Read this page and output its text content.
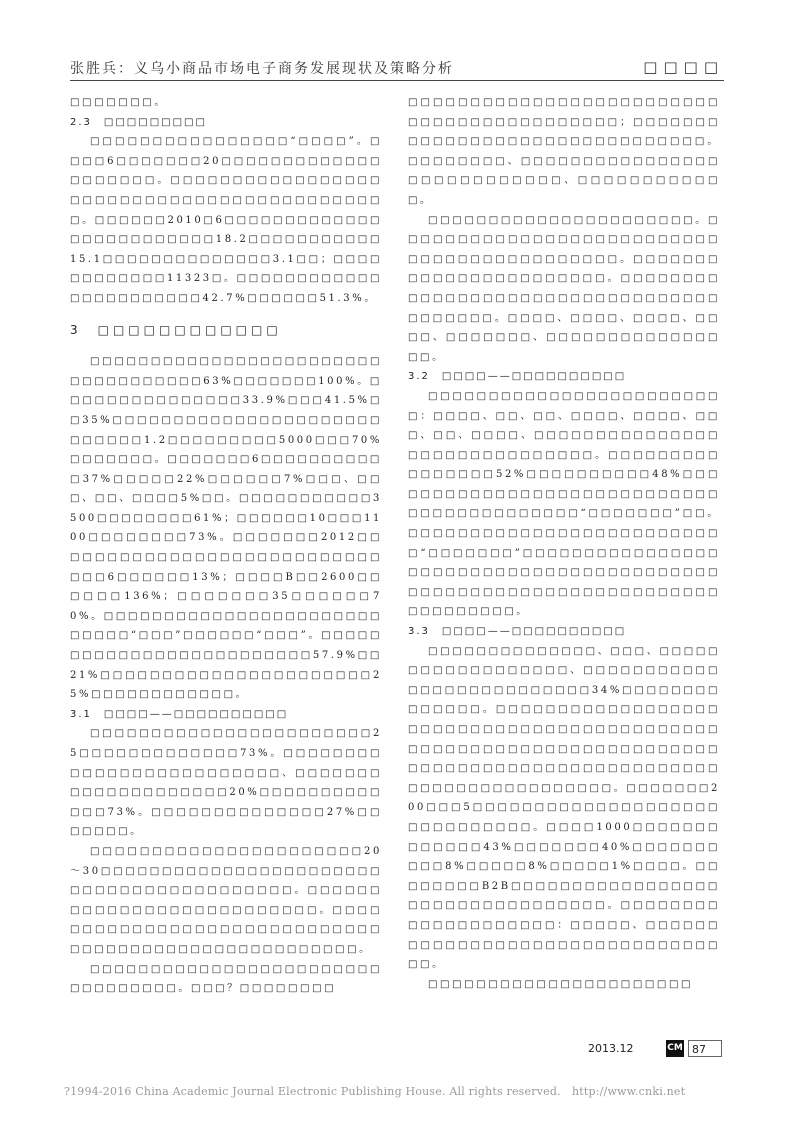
张胜兵：义乌小商品市场电子商务发展现状及策略分析	□□□□

□□□□□□□。

2.3　□□□□□□□□□

□□□□□□□□□□□□□□□□“□□□□”。□□□□6□□□□□□□20□□□□□□□□□□□□□□□□□□□□。□□□□□□□□□□□□□□□□□□□□□□□□□□□□□□□□□□□□□□□□□□□。□□□□□□2010□6□□□□□□□□□□□□□□□□□□□□□□□□□18.2□□□□□□□□□□□15.1□□□□□□□□□□□□□□3.1□□；□□□□□□□□□□□□11323□。□□□□□□□□□□□□□□□□□□□□□□□42.7%□□□□□□51.3%。

3　□□□□□□□□□□□□

□□□□□□□□□□□□□□□□□□□□□□□□□□□□□□□□□□□63%□□□□□□□100%。□□□□□□□□□□□□□□□33.9%□□□41.5%□□35%□□□□□□□□□□□□□□□□□□□□□□□□□□□□1.2□□□□□□□□□5000□□□70%□□□□□□□。□□□□□□□6□□□□□□□□□□□37%□□□□□22%□□□□□□7%□□□、□□□、□□、□□□□5%□□。□□□□□□□□□□□3500□□□□□□□□61%；□□□□□□10□□□1100□□□□□□□□73%。□□□□□□□2012□□□□□□□□□□□□□□□□□□□□□□□□□□□□□□6□□□□□□13%；□□□□B□□2600□□□□□□136%；□□□□□□□35□□□□□□70%。□□□□□□□□□□□□□□□□□□□□□□□□□□□□“□□□”□□□□□□“□□□”。□□□□□□□□□□□□□□□□□□□□□□□□□57.9%□□21%□□□□□□□□□□□□□□□□□□□□□□25%□□□□□□□□□□□□。

3.1　□□□□——□□□□□□□□□□

□□□□□□□□□□□□□□□□□□□□□□□25□□□□□□□□□□□□□73%。□□□□□□□□□□□□□□□□□□□□□□□□□、□□□□□□□□□□□□□□□□□□□□20%□□□□□□□□□□□□□73%。□□□□□□□□□□□□□□27%□□□□□□□。

□□□□□□□□□□□□□□□□□□□□□□20～30□□□□□□□□□□□□□□□□□□□□□□□□□□□□□□□□□□□□□□□□□。□□□□□□□□□□□□□□□□□□□□□□□□□□。□□□□□□□□□□□□□□□□□□□□□□□□□□□□□□□□□□□□□□□□□□□□□□□□□□□□□。

□□□□□□□□□□□□□□□□□□□□□□□□□□□□□□□□□。□□□？□□□□□□□□

□□□□□□□□□□□□□□□□□□□□□□□□□□□□□□□□□□□□□□□□□□；□□□□□□□□□□□□□□□□□□□□□□□□□□□□□□□。□□□□□□□□、□□□□□□□□□□□□□□□□□□□□□□□□□□□□、□□□□□□□□□□□□。

□□□□□□□□□□□□□□□□□□□□□□。□□□□□□□□□□□□□□□□□□□□□□□□□□□□□□□□□□□□□□□□□□□。□□□□□□□□□□□□□□□□□□□□□□□。□□□□□□□□□□□□□□□□□□□□□□□□□□□□□□□□□□□□□□□□。□□□□、□□□□、□□□□、□□□□、□□□□□□□、□□□□□□□□□□□□□□□□。

3.2　□□□□——□□□□□□□□□□

□□□□□□□□□□□□□□□□□□□□□□□□□：□□□□、□□、□□、□□□□、□□□□、□□□、□□、□□□□、□□□□□□□□□□□□□□□□□□□□□□□□□□□□□□。□□□□□□□□□□□□□□□□52%□□□□□□□□□□48%□□□□□□□□□□□□□□□□□□□□□□□□□□□□□□□□□□□□□□□□□□“□□□□□□□”□□。□□□□□□□□□□□□□□□□□□□□□□□□□□“□□□□□□□”□□□□□□□□□□□□□□□□□□□□□□□□□□□□□□□□□□□□□□□□□□□□□□□□□□□□□□□□□□□□□□□□□□□□□□□□□□□。

3.3　□□□□——□□□□□□□□□□

□□□□□□□□□□□□□□、□□□、□□□□□□□□□□□□□□□□□□、□□□□□□□□□□□□□□□□□□□□□□□□□□34%□□□□□□□□□□□□□□。□□□□□□□□□□□□□□□□□□□□□□□□□□□□□□□□□□□□□□□□□□□□□□□□□□□□□□□□□□□□□□□□□□□□□□□□□□□□□□□□□□□□□□□□□□□□□□□□□□□□□□□□□□□□□□。□□□□□□□200□□□5□□□□□□□□□□□□□□□□□□□□□□□□□□□□□□。□□□□1000□□□□□□□□□□□□□43%□□□□□□□40%□□□□□□□□□□8%□□□□□8%□□□□□1%□□□□。□□□□□□□□B2B□□□□□□□□□□□□□□□□□□□□□□□□□□□□□□□□□。□□□□□□□□□□□□□□□□□□□□：□□□□□、□□□□□□□□□□□□□□□□□□□□□□□□□□□□□□□□□。

□□□□□□□□□□□□□□□□□□□□□□

2013.12	CM 87
?1994-2016 China Academic Journal Electronic Publishing House. All rights reserved.　http://www.cnki.net
